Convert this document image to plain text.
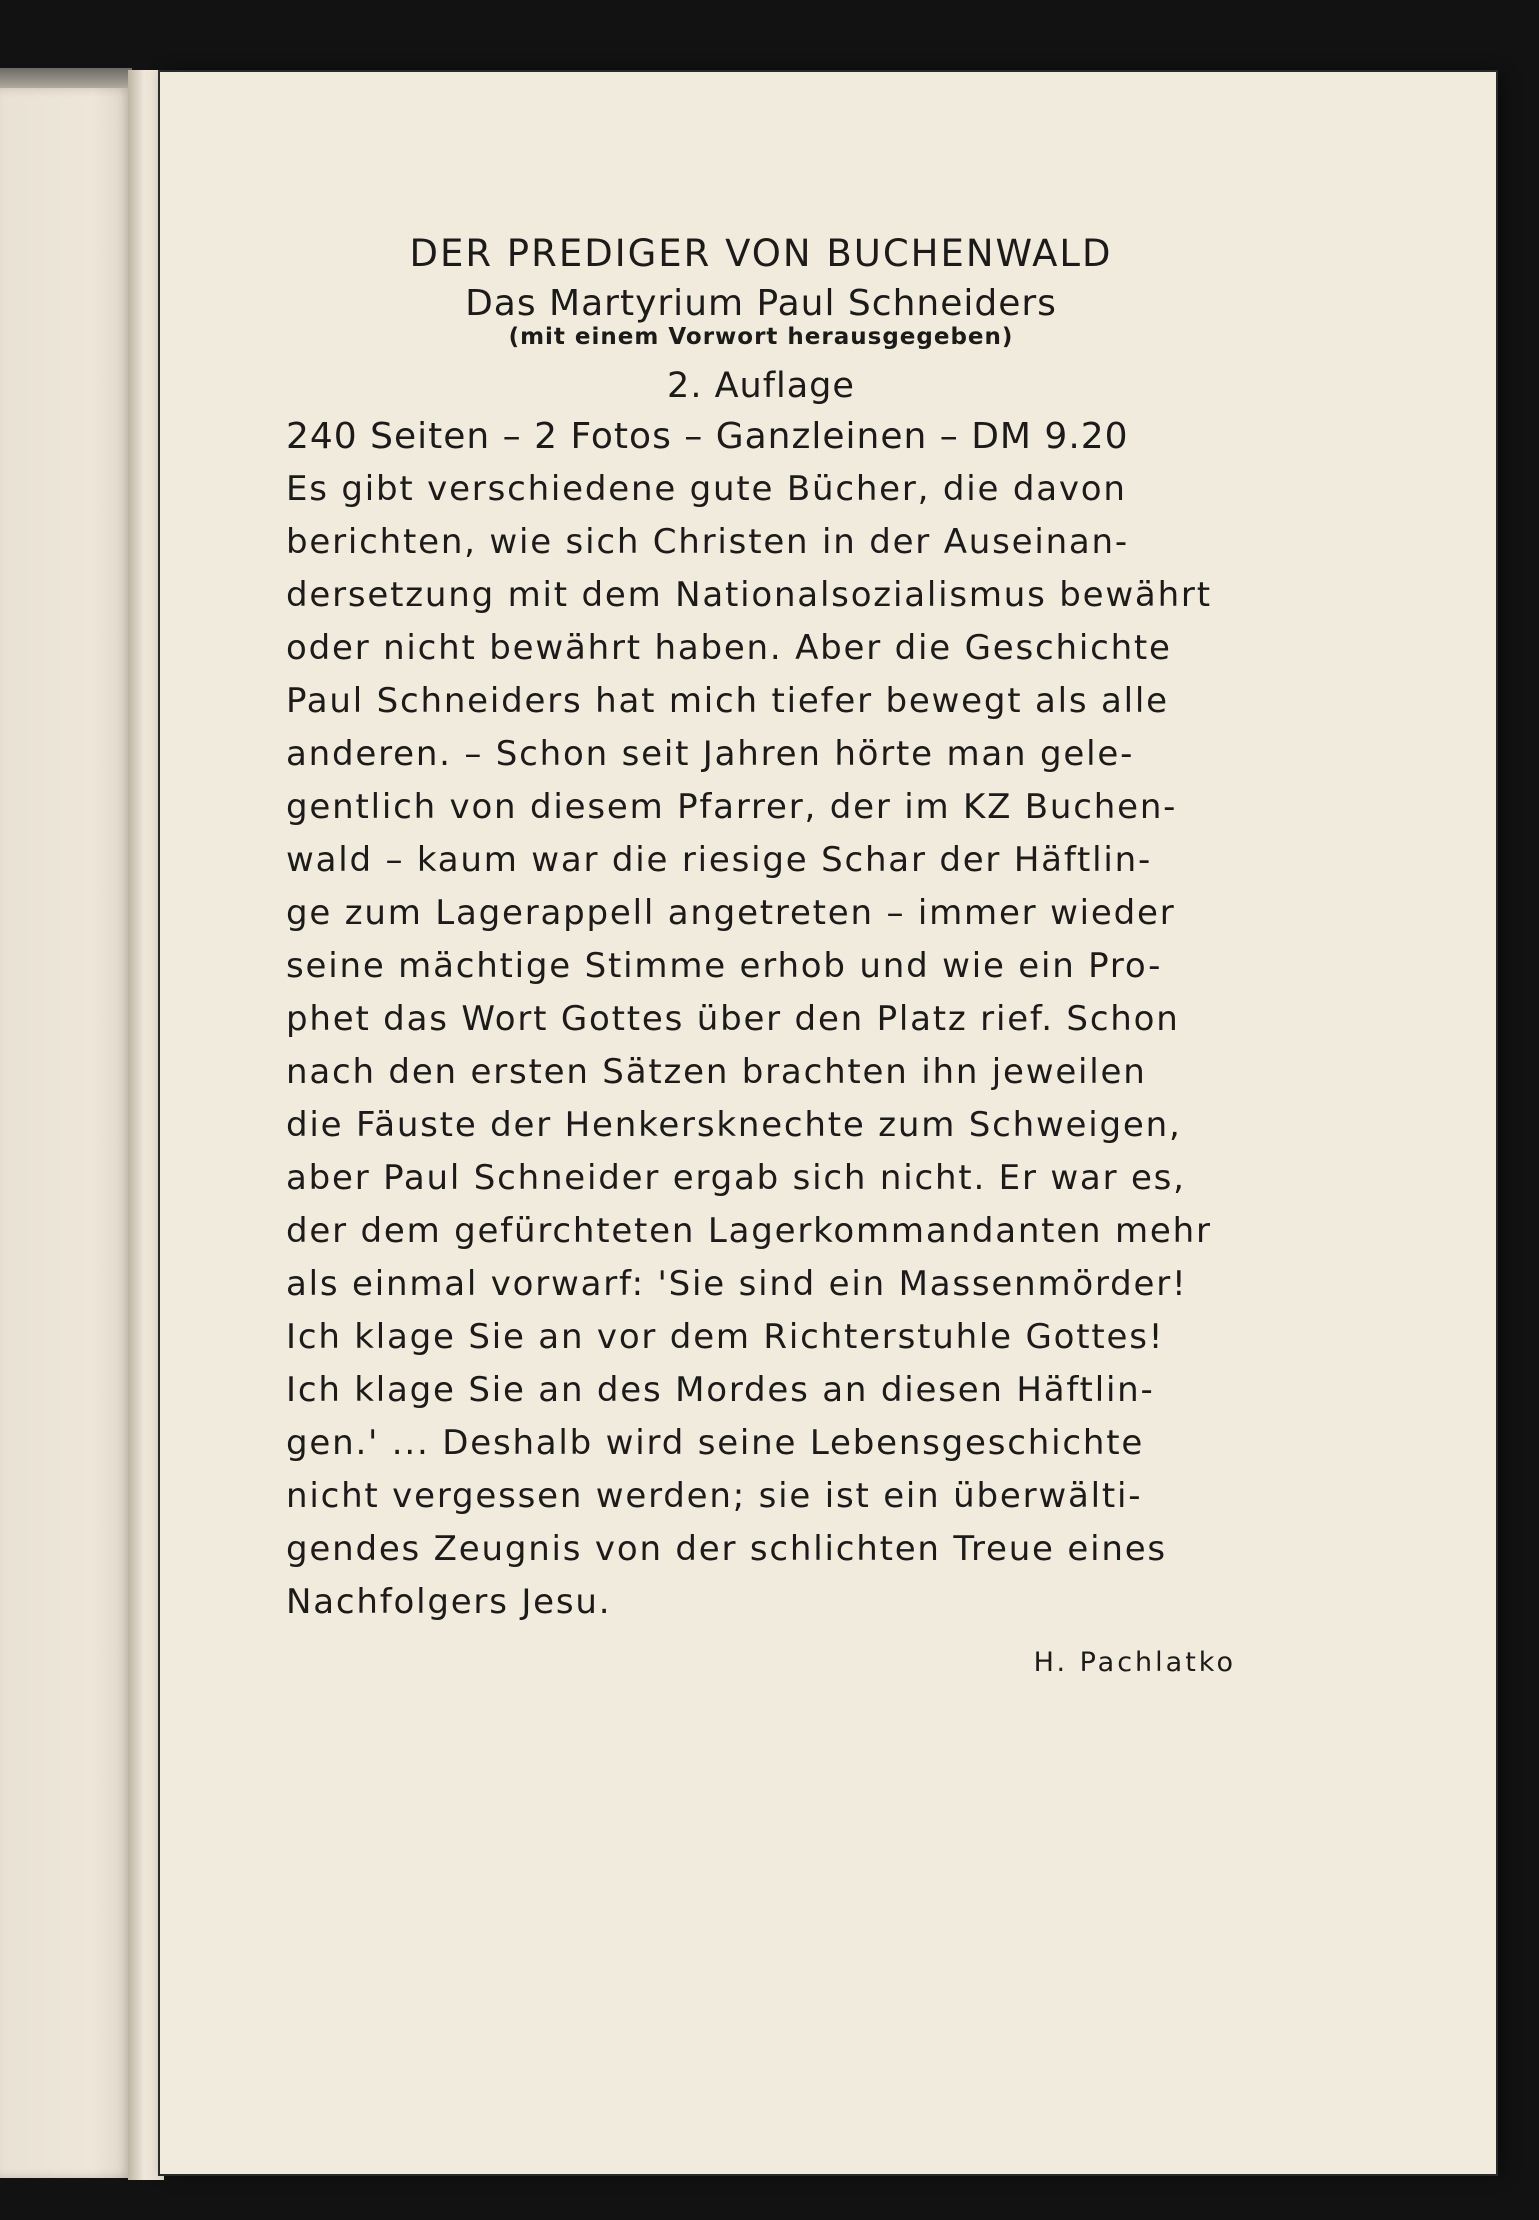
DER PREDIGER VON BUCHENWALD
Das Martyrium Paul Schneiders
(mit einem Vorwort herausgegeben)
2. Auflage
240 Seiten – 2 Fotos – Ganzleinen – DM 9.20

Es gibt verschiedene gute Bücher, die davon

berichten, wie sich Christen in der Auseinan-

dersetzung mit dem Nationalsozialismus bewährt

oder nicht bewährt haben. Aber die Geschichte

Paul Schneiders hat mich tiefer bewegt als alle

anderen. – Schon seit Jahren hörte man gele-

gentlich von diesem Pfarrer, der im KZ Buchen-

wald – kaum war die riesige Schar der Häftlin-

ge zum Lagerappell angetreten – immer wieder

seine mächtige Stimme erhob und wie ein Pro-

phet das Wort Gottes über den Platz rief. Schon

nach den ersten Sätzen brachten ihn jeweilen

die Fäuste der Henkersknechte zum Schweigen,

aber Paul Schneider ergab sich nicht. Er war es,

der dem gefürchteten Lagerkommandanten mehr

als einmal vorwarf: 'Sie sind ein Massenmörder!

Ich klage Sie an vor dem Richterstuhle Gottes!

Ich klage Sie an des Mordes an diesen Häftlin-

gen.' ... Deshalb wird seine Lebensgeschichte

nicht vergessen werden; sie ist ein überwälti-

gendes Zeugnis von der schlichten Treue eines

Nachfolgers Jesu.

H. Pachlatko
